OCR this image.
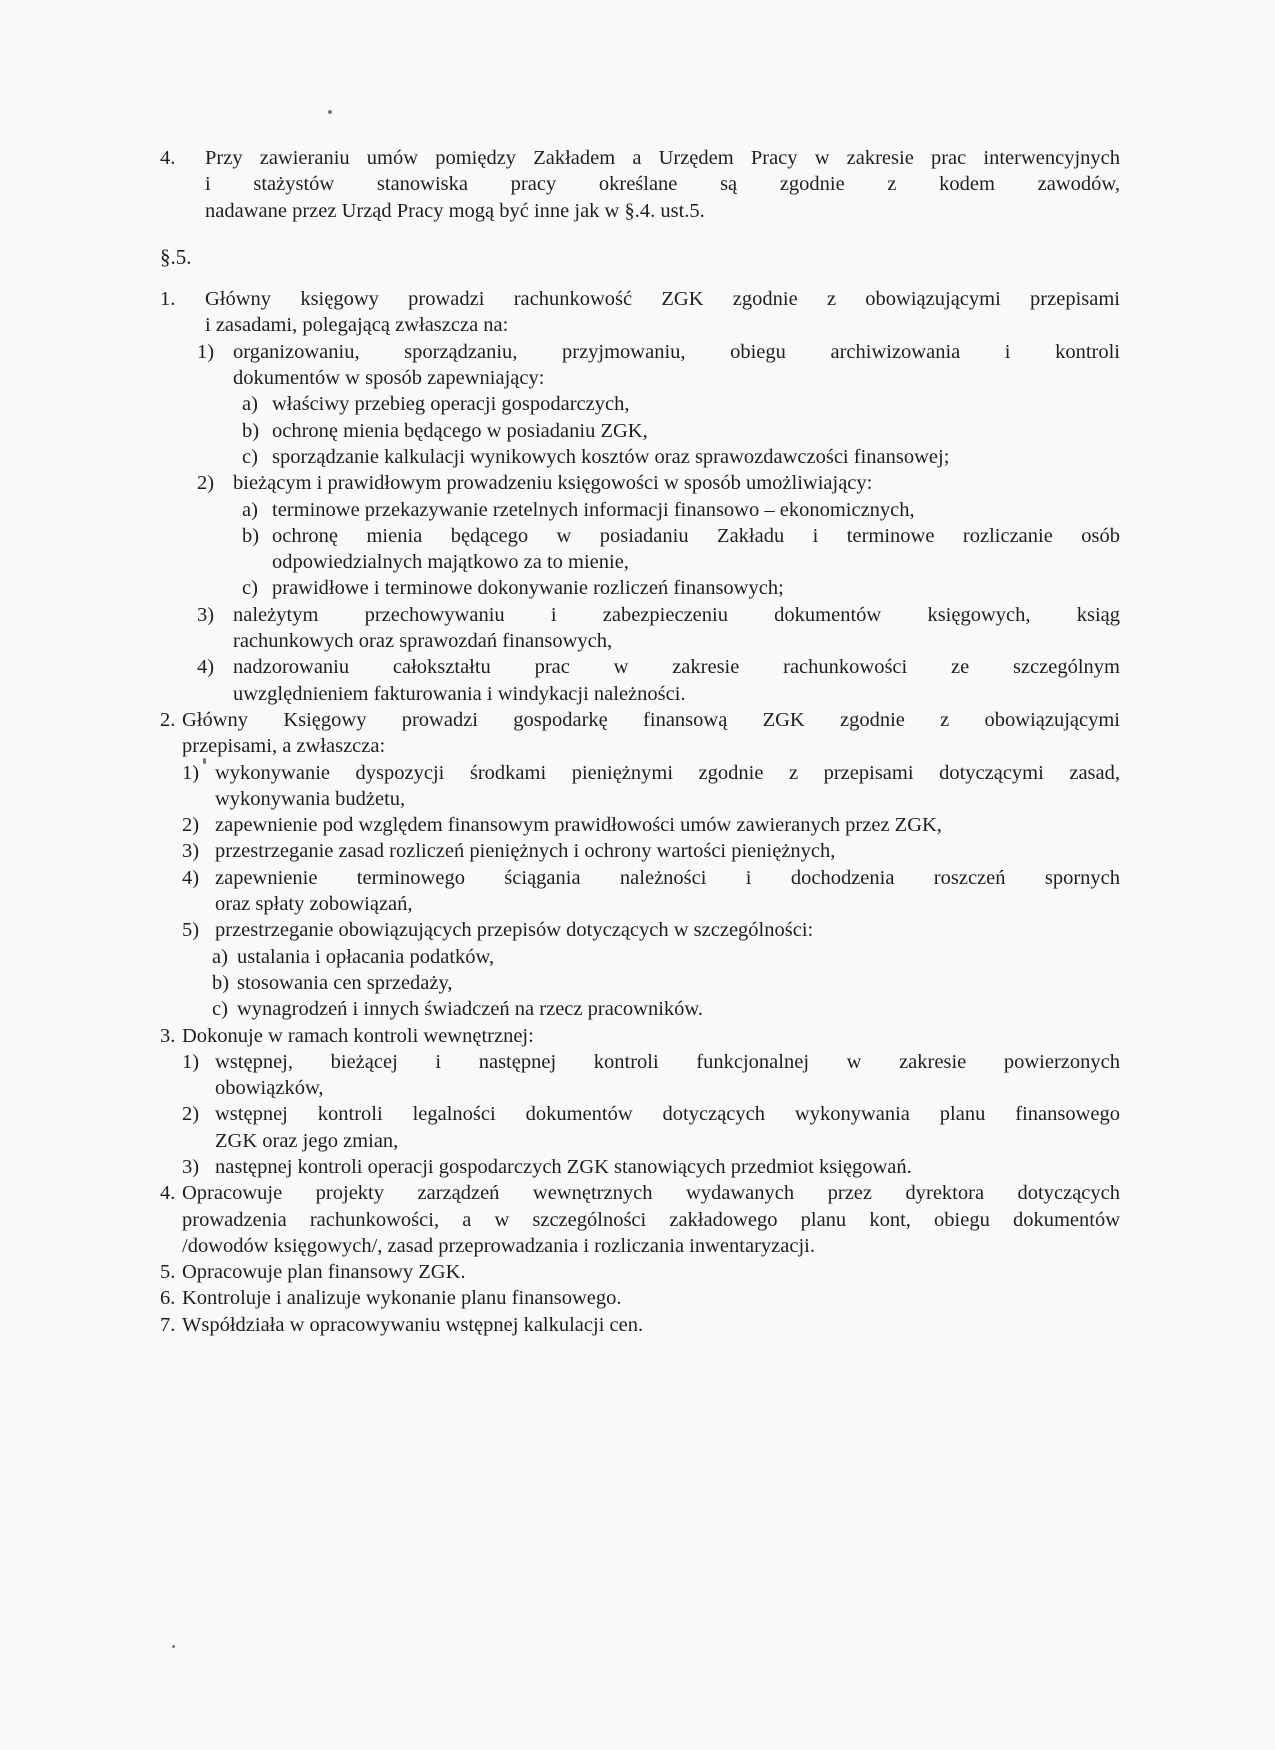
4. Przy zawieraniu umów pomiędzy Zakładem a Urzędem Pracy w zakresie prac interwencyjnych
i stażystów stanowiska pracy określane są zgodnie z kodem zawodów,
nadawane przez Urząd Pracy mogą być inne jak w §.4. ust.5.
§.5.
1. Główny księgowy prowadzi rachunkowość ZGK zgodnie z obowiązującymi przepisami
i zasadami, polegającą zwłaszcza na:
1) organizowaniu, sporządzaniu, przyjmowaniu, obiegu archiwizowania i kontroli
dokumentów w sposób zapewniający:
a) właściwy przebieg operacji gospodarczych,
b) ochronę mienia będącego w posiadaniu ZGK,
c) sporządzanie kalkulacji wynikowych kosztów oraz sprawozdawczości finansowej;
2) bieżącym i prawidłowym prowadzeniu księgowości w sposób umożliwiający:
a) terminowe przekazywanie rzetelnych informacji finansowo – ekonomicznych,
b) ochronę mienia będącego w posiadaniu Zakładu i terminowe rozliczanie osób
odpowiedzialnych majątkowo za to mienie,
c) prawidłowe i terminowe dokonywanie rozliczeń finansowych;
3) należytym przechowywaniu i zabezpieczeniu dokumentów księgowych, ksiąg
rachunkowych oraz sprawozdań finansowych,
4) nadzorowaniu całokształtu prac w zakresie rachunkowości ze szczególnym
uwzględnieniem fakturowania i windykacji należności.
2. Główny Księgowy prowadzi gospodarkę finansową ZGK zgodnie z obowiązującymi
przepisami, a zwłaszcza:
1) wykonywanie dyspozycji środkami pieniężnymi zgodnie z przepisami dotyczącymi zasad,
wykonywania budżetu,
2) zapewnienie pod względem finansowym prawidłowości umów zawieranych przez ZGK,
3) przestrzeganie zasad rozliczeń pieniężnych i ochrony wartości pieniężnych,
4) zapewnienie terminowego ściągania należności i dochodzenia roszczeń spornych
oraz spłaty zobowiązań,
5) przestrzeganie obowiązujących przepisów dotyczących w szczególności:
a) ustalania i opłacania podatków,
b) stosowania cen sprzedaży,
c) wynagrodzeń i innych świadczeń na rzecz pracowników.
3. Dokonuje w ramach kontroli wewnętrznej:
1) wstępnej, bieżącej i następnej kontroli funkcjonalnej w zakresie powierzonych
obowiązków,
2) wstępnej kontroli legalności dokumentów dotyczących wykonywania planu finansowego
ZGK oraz jego zmian,
3) następnej kontroli operacji gospodarczych ZGK stanowiących przedmiot księgowań.
4. Opracowuje projekty zarządzeń wewnętrznych wydawanych przez dyrektora dotyczących
prowadzenia rachunkowości, a w szczególności zakładowego planu kont, obiegu dokumentów
/dowodów księgowych/, zasad przeprowadzania i rozliczania inwentaryzacji.
5. Opracowuje plan finansowy ZGK.
6. Kontroluje i analizuje wykonanie planu finansowego.
7. Współdziała w opracowywaniu wstępnej kalkulacji cen.
